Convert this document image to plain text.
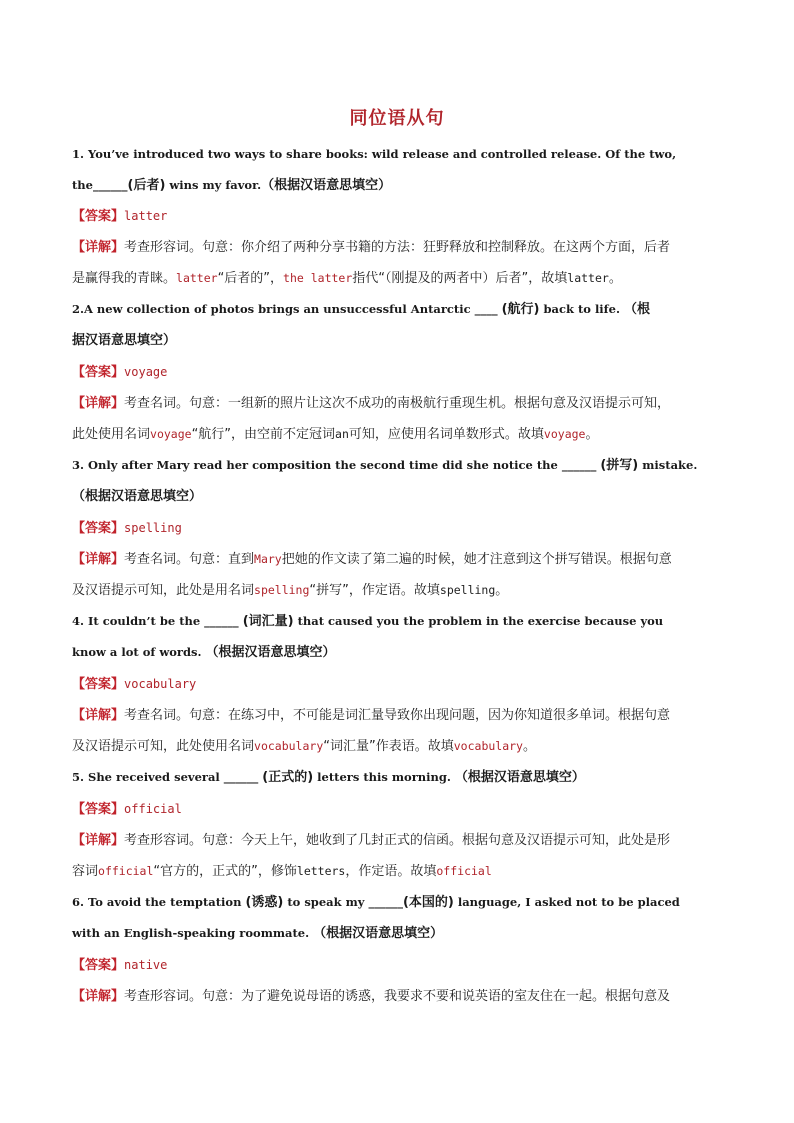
同位语从句
1. You’ve introduced two ways to share books: wild release and controlled release. Of the two,
the______(后者) wins my favor.（根据汉语意思填空）
【答案】latter
【详解】考查形容词。句意：你介绍了两种分享书籍的方法：狂野释放和控制释放。在这两个方面，后者
是赢得我的青睐。latter“后者的”，the latter指代“（刚提及的两者中）后者”，故填latter。
2.A new collection of photos brings an unsuccessful Antarctic ____ (航行) back to life. （根
据汉语意思填空）
【答案】voyage
【详解】考查名词。句意：一组新的照片让这次不成功的南极航行重现生机。根据句意及汉语提示可知，
此处使用名词voyage“航行”，由空前不定冠词an可知，应使用名词单数形式。故填voyage。
3. Only after Mary read her composition the second time did she notice the ______ (拼写) mistake.
（根据汉语意思填空）
【答案】spelling
【详解】考查名词。句意：直到Mary把她的作文读了第二遍的时候，她才注意到这个拼写错误。根据句意
及汉语提示可知，此处是用名词spelling“拼写”，作定语。故填spelling。
4. It couldn’t be the ______ (词汇量) that caused you the problem in the exercise because you
know a lot of words. （根据汉语意思填空）
【答案】vocabulary
【详解】考查名词。句意：在练习中，不可能是词汇量导致你出现问题，因为你知道很多单词。根据句意
及汉语提示可知，此处使用名词vocabulary“词汇量”作表语。故填vocabulary。
5. She received several ______ (正式的) letters this morning. （根据汉语意思填空）
【答案】official
【详解】考查形容词。句意：今天上午，她收到了几封正式的信函。根据句意及汉语提示可知，此处是形
容词official“官方的，正式的”，修饰letters，作定语。故填official
6. To avoid the temptation (诱惑) to speak my ______(本国的) language, I asked not to be placed
with an English-speaking roommate. （根据汉语意思填空）
【答案】native
【详解】考查形容词。句意：为了避免说母语的诱惑，我要求不要和说英语的室友住在一起。根据句意及
